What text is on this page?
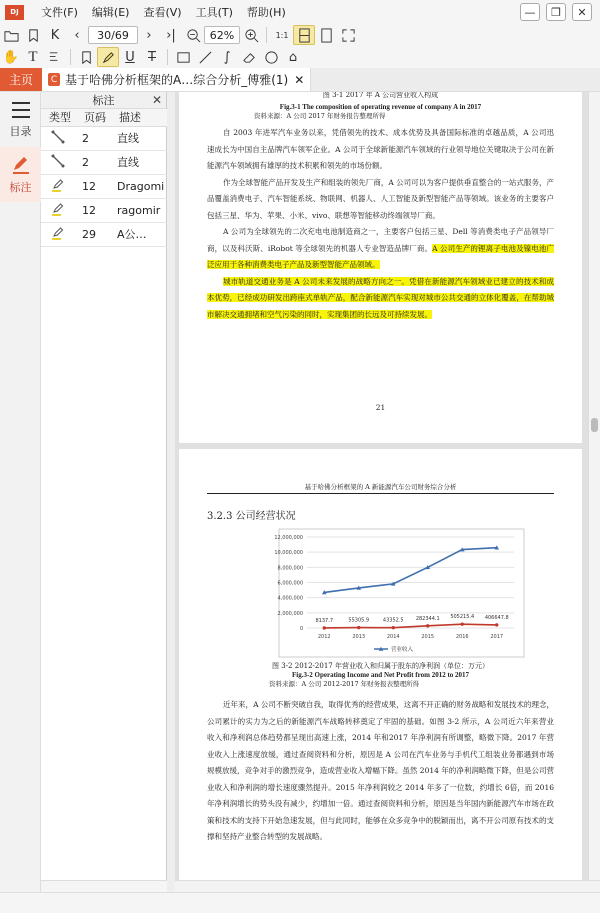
DJ	文件(F)	编辑(E)	查看(V)	工具(T)	帮助(H)	—	❐	✕
K	‹	30/69	›	›|	62%	1:1
✋ T	U	T	∫	⌂
主页	C 基于哈佛分析框架的A…综合分析_傅雅(1) ✕
目录
标注
标注	✕
类型	页码	描述
	2	直线
	2	直线
	12	Dragomi
	12	ragomir
	29	A公…
图 3-1 2017 年 A 公司营业收入构成
Fig.3-1 The composition of operating revenue of company A in 2017
资料来源：A 公司 2017 年财务报告整理所得
自 2003 年进军汽车业务以来，凭借领先的技术、成本优势及具备国际标准的卓越品质，A 公司迅速成长为中国自主品牌汽车领军企业。A 公司于全球新能源汽车领域的行业领导地位关键取决于公司在新能源汽车领域拥有雄厚的技术积累和领先的市场份额。
作为全球智能产品开发及生产和组装的领先厂商，A 公司可以为客户提供垂直整合的一站式服务，产品覆盖消费电子、汽车智能系统、物联网、机器人、人工智能及新型智能产品等领域。该业务的主要客户包括三星、华为、苹果、小米、vivo、联想等智能移动终端领导厂商。
A 公司为全球领先的二次充电电池制造商之一，主要客户包括三星、Dell 等消费类电子产品领导厂商，以及科沃斯、iRobot 等全球领先的机器人专业智造品牌厂商。A 公司生产的锂离子电池及镍电池广泛应用于各种消费类电子产品及新型智能产品领域。
城市轨道交通业务是 A 公司未来发展的战略方向之一。凭借在新能源汽车领域业已建立的技术和成本优势，已经成功研发出跨座式单轨产品，配合新能源汽车实现对城市公共交通的立体化覆盖，在帮助城市解决交通拥堵和空气污染的同时，实现集团的长远及可持续发展。
21
基于哈佛分析框架的 A 新能源汽车公司财务综合分析
3.2.3 公司经营状况
12,000,000
10,000,000
8,000,000
6,000,000
4,000,000
2,000,000
0
2012	2013	2014	2015	2016	2017
8137.7	55305.9	43352.5 282344.1 505215.4 406647.8
营业收入
图 3-2 2012-2017 年营业收入和归属于股东的净利润（单位：万元）
Fig.3-2 Operating Income and Net Profit from 2012 to 2017
资料来源：A 公司 2012-2017 年财务报表整理所得
近年来，A 公司不断突破自我，取得优秀的经营成果，这离不开正确的财务战略和发展技术的理念，公司累计的实力为之后的新能源汽车战略转移奠定了牢固的基础。如图 3-2 所示，A 公司近六年来营业收入和净利润总体趋势都呈现出高速上涨，2014 年和2017 年净利润有所调整，略微下降。2017 年营业收入上涨速度放缓，通过查阅资料和分析，原因是 A 公司在汽车业务与手机代工组装业务都遇到市场规模放缓，竞争对手的激烈竞争，造成营业收入增幅下降。虽然 2014 年的净利润略微下降，但是公司营业收入和净利润的增长速度骤然提升。2015 年净利润较之 2014 年多了一位数，约增长 6倍，而 2016 年净利润增长的势头没有减少，约增加一倍。通过查阅资料和分析，原因是当年国内新能源汽车市场在政策和技术的支持下开始急速发展，但与此同时，能够在众多竞争中的脱颖而出，离不开公司原有技术的支撑和坚持产业整合转型的发展战略。
